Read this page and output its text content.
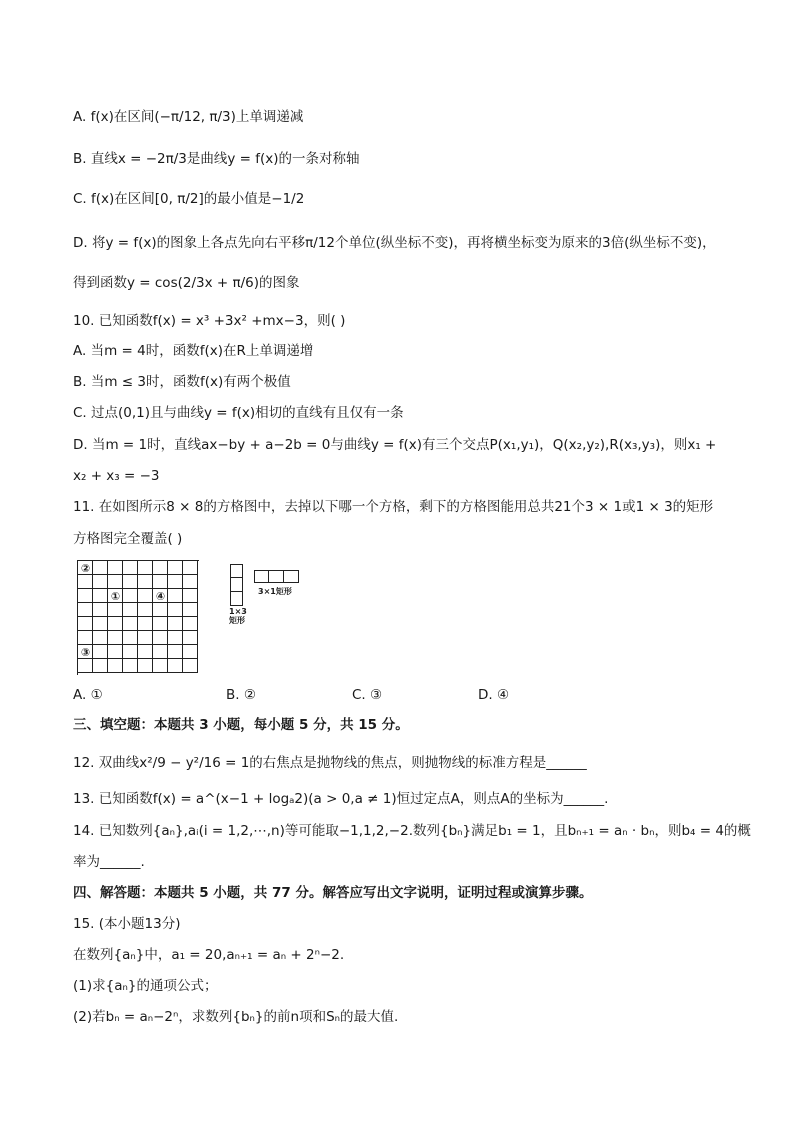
A. f(x)在区间(−π/12, π/3)上单调递减
B. 直线x = −2π/3是曲线y = f(x)的一条对称轴
C. f(x)在区间[0, π/2]的最小值是−1/2
D. 将y = f(x)的图象上各点先向右平移π/12个单位(纵坐标不变)，再将横坐标变为原来的3倍(纵坐标不变)，
得到函数y = cos(2/3x + π/6)的图象
10. 已知函数f(x) = x³ +3x² +mx−3，则( )
A. 当m = 4时，函数f(x)在R上单调递增
B. 当m ≤ 3时，函数f(x)有两个极值
C. 过点(0,1)且与曲线y = f(x)相切的直线有且仅有一条
D. 当m = 1时，直线ax−by + a−2b = 0与曲线y = f(x)有三个交点P(x₁,y₁)，Q(x₂,y₂),R(x₃,y₃)，则x₁ +
x₂ + x₃ = −3
11. 在如图所示8 × 8的方格图中，去掉以下哪一个方格，剩下的方格图能用总共21个3 × 1或1 × 3的矩形
方格图完全覆盖( )
三、填空题：本题共 3 小题，每小题 5 分，共 15 分。
12. 双曲线x²/9 − y²/16 = 1的右焦点是抛物线的焦点，则抛物线的标准方程是______
13. 已知函数f(x) = a^(x−1 + logₐ2)(a > 0,a ≠ 1)恒过定点A，则点A的坐标为______.
14. 已知数列{aₙ},aᵢ(i = 1,2,⋯,n)等可能取−1,1,2,−2.数列{bₙ}满足b₁ = 1，且bₙ₊₁ = aₙ · bₙ，则b₄ = 4的概
率为______.
四、解答题：本题共 5 小题，共 77 分。解答应写出文字说明，证明过程或演算步骤。
15. (本小题13分)
在数列{aₙ}中，a₁ = 20,aₙ₊₁ = aₙ + 2ⁿ−2.
(1)求{aₙ}的通项公式；
(2)若bₙ = aₙ−2ⁿ，求数列{bₙ}的前n项和Sₙ的最大值.
②
①	④
③
1×3
矩形
3×1矩形
A. ①	B. ②	C. ③	D. ④
